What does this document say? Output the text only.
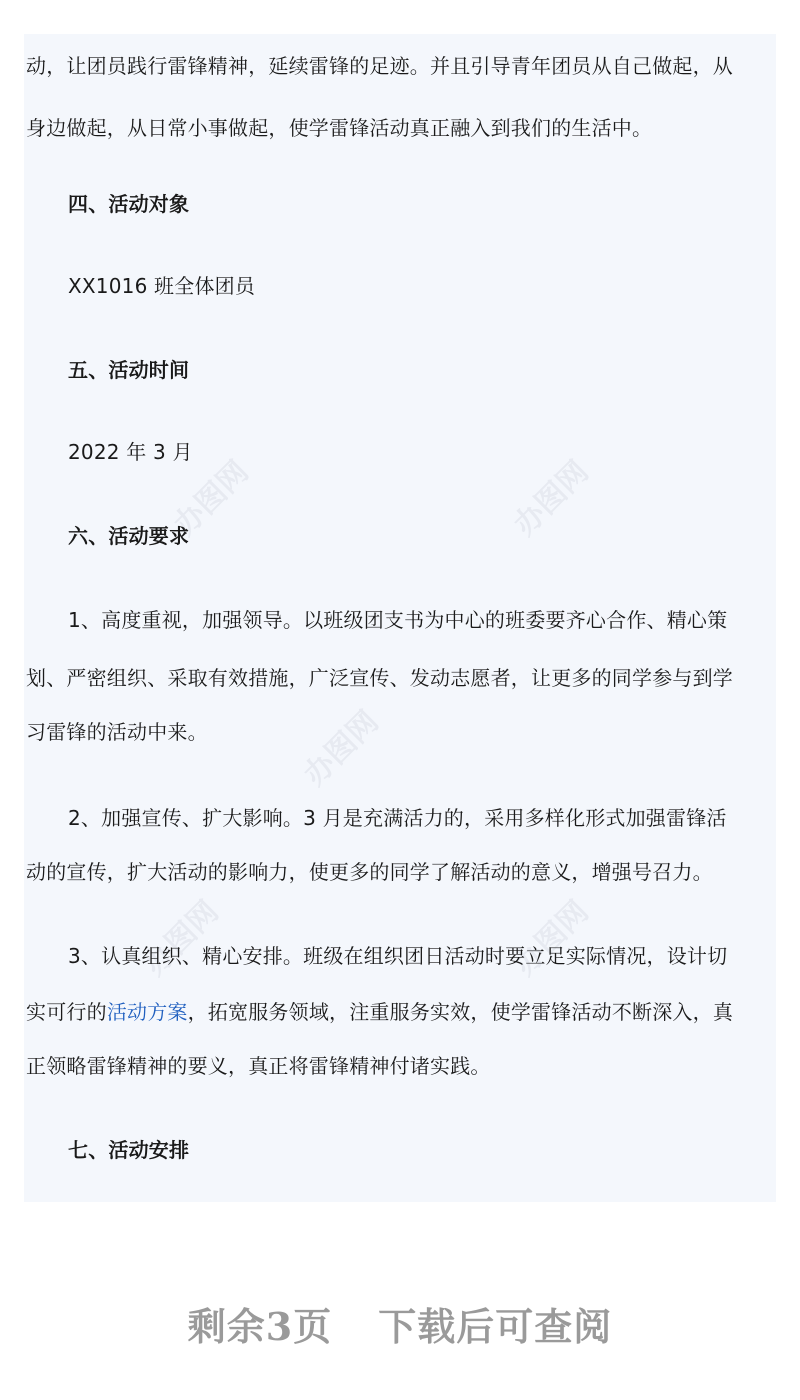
办图网	办图网
办图网
办图网	办图网
动，让团员践行雷锋精神，延续雷锋的足迹。并且引导青年团员从自己做起，从
身边做起，从日常小事做起，使学雷锋活动真正融入到我们的生活中。
四、活动对象
XX1016 班全体团员
五、活动时间
2022 年 3 月
六、活动要求
1、高度重视，加强领导。以班级团支书为中心的班委要齐心合作、精心策
划、严密组织、采取有效措施，广泛宣传、发动志愿者，让更多的同学参与到学
习雷锋的活动中来。
2、加强宣传、扩大影响。3 月是充满活力的，采用多样化形式加强雷锋活
动的宣传，扩大活动的影响力，使更多的同学了解活动的意义，增强号召力。
3、认真组织、精心安排。班级在组织团日活动时要立足实际情况，设计切
实可行的活动方案，拓宽服务领域，注重服务实效，使学雷锋活动不断深入，真
正领略雷锋精神的要义，真正将雷锋精神付诸实践。
七、活动安排
剩余3页 下载后可查阅
